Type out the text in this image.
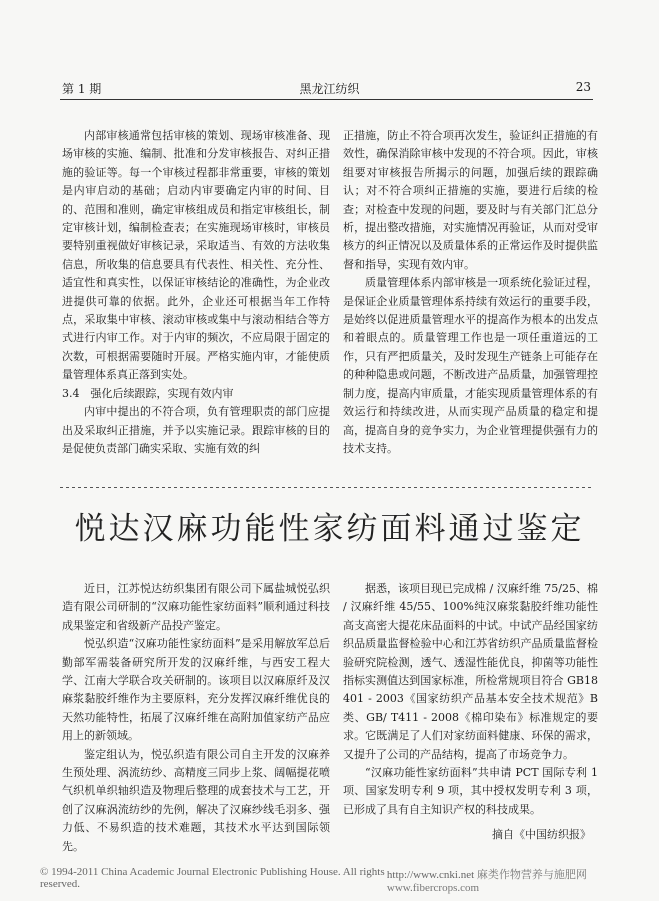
第 1 期	黑龙江纺织	23

内部审核通常包括审核的策划、现场审核准备、现场审核的实施、编制、批准和分发审核报告、对纠正措施的验证等。每一个审核过程都非常重要，审核的策划是内审启动的基础；启动内审要确定内审的时间、目的、范围和准则，确定审核组成员和指定审核组长，制定审核计划，编制检查表；在实施现场审核时，审核员要特别重视做好审核记录，采取适当、有效的方法收集信息，所收集的信息要具有代表性、相关性、充分性、适宜性和真实性，以保证审核结论的准确性，为企业改进提供可靠的依据。此外，企业还可根据当年工作特点，采取集中审核、滚动审核或集中与滚动相结合等方式进行内审工作。对于内审的频次，不应局限于固定的次数，可根据需要随时开展。严格实施内审，才能使质量管理体系真正落到实处。

3.4　强化后续跟踪，实现有效内审

内审中提出的不符合项，负有管理职责的部门应提出及采取纠正措施，并予以实施记录。跟踪审核的目的是促使负责部门确实采取、实施有效的纠

正措施，防止不符合项再次发生，验证纠正措施的有效性，确保消除审核中发现的不符合项。因此，审核组要对审核报告所揭示的问题，加强后续的跟踪确认；对不符合项纠正措施的实施，要进行后续的检查；对检查中发现的问题，要及时与有关部门汇总分析，提出整改措施，对实施情况再验证，从而对受审核方的纠正情况以及质量体系的正常运作及时提供监督和指导，实现有效内审。

质量管理体系内部审核是一项系统化验证过程，是保证企业质量管理体系持续有效运行的重要手段，是始终以促进质量管理水平的提高作为根本的出发点和着眼点的。质量管理工作也是一项任重道远的工作，只有严把质量关，及时发现生产链条上可能存在的种种隐患或问题，不断改进产品质量，加强管理控制力度，提高内审质量，才能实现质量管理体系的有效运行和持续改进，从而实现产品质量的稳定和提高，提高自身的竞争实力，为企业管理提供强有力的技术支持。

悦达汉麻功能性家纺面料通过鉴定

近日，江苏悦达纺织集团有限公司下属盐城悦弘织造有限公司研制的“汉麻功能性家纺面料”顺利通过科技成果鉴定和省级新产品投产鉴定。

悦弘织造“汉麻功能性家纺面料”是采用解放军总后勤部军需装备研究所开发的汉麻纤维，与西安工程大学、江南大学联合攻关研制的。该项目以汉麻原纤及汉麻浆黏胶纤维作为主要原料，充分发挥汉麻纤维优良的天然功能特性，拓展了汉麻纤维在高附加值家纺产品应用上的新领域。

鉴定组认为，悦弘织造有限公司自主开发的汉麻养生预处理、涡流纺纱、高精度三同步上浆、阔幅提花喷气织机单织轴织造及物理后整理的成套技术与工艺，开创了汉麻涡流纺纱的先例，解决了汉麻纱线毛羽多、强力低、不易织造的技术难题，其技术水平达到国际领先。

据悉，该项目现已完成棉 / 汉麻纤维 75/25、棉 / 汉麻纤维 45/55、100%纯汉麻浆黏胶纤维功能性高支高密大提花床品面料的中试。中试产品经国家纺织品质量监督检验中心和江苏省纺织产品质量监督检验研究院检测，透气、透湿性能优良，抑菌等功能性指标实测值达到国家标准，所检常规项目符合 GB18401 - 2003《国家纺织产品基本安全技术规范》B 类、GB/ T411 - 2008《棉印染布》标准规定的要求。它既满足了人们对家纺面料健康、环保的需求，又提升了公司的产品结构，提高了市场竞争力。

“汉麻功能性家纺面料”共申请 PCT 国际专利 1 项、国家发明专利 9 项，其中授权发明专利 3 项，已形成了具有自主知识产权的科技成果。

摘自《中国纺织报》
© 1994-2011 China Academic Journal Electronic Publishing House. All rights reserved.
http://www.cnki.net 麻类作物营养与施肥网 www.fibercrops.com
